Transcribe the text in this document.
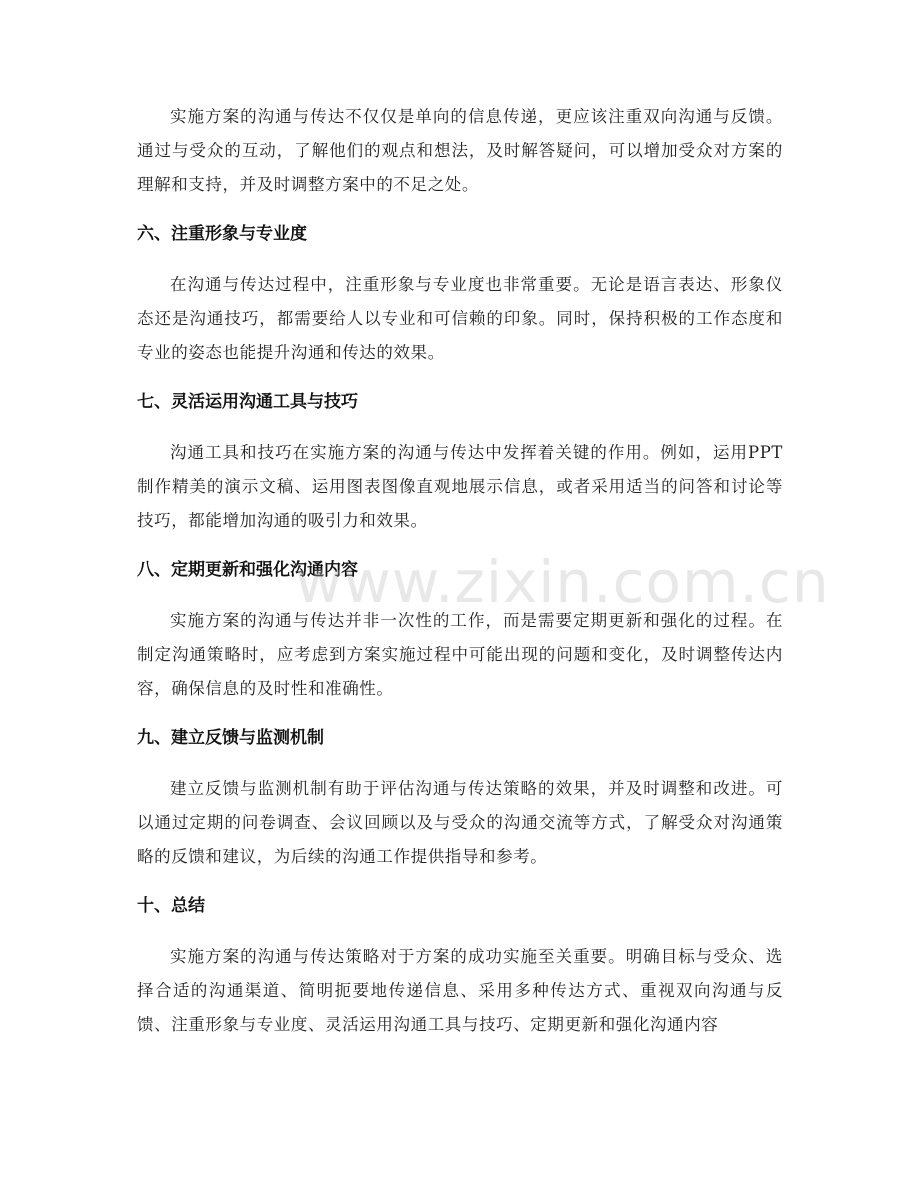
实施方案的沟通与传达不仅仅是单向的信息传递，更应该注重双向沟通与反馈。通过与受众的互动，了解他们的观点和想法，及时解答疑问，可以增加受众对方案的理解和支持，并及时调整方案中的不足之处。

六、注重形象与专业度

在沟通与传达过程中，注重形象与专业度也非常重要。无论是语言表达、形象仪态还是沟通技巧，都需要给人以专业和可信赖的印象。同时，保持积极的工作态度和专业的姿态也能提升沟通和传达的效果。

七、灵活运用沟通工具与技巧

沟通工具和技巧在实施方案的沟通与传达中发挥着关键的作用。例如，运用PPT制作精美的演示文稿、运用图表图像直观地展示信息，或者采用适当的问答和讨论等技巧，都能增加沟通的吸引力和效果。

八、定期更新和强化沟通内容

实施方案的沟通与传达并非一次性的工作，而是需要定期更新和强化的过程。在制定沟通策略时，应考虑到方案实施过程中可能出现的问题和变化，及时调整传达内容，确保信息的及时性和准确性。

九、建立反馈与监测机制

建立反馈与监测机制有助于评估沟通与传达策略的效果，并及时调整和改进。可以通过定期的问卷调查、会议回顾以及与受众的沟通交流等方式，了解受众对沟通策略的反馈和建议，为后续的沟通工作提供指导和参考。

十、总结

实施方案的沟通与传达策略对于方案的成功实施至关重要。明确目标与受众、选择合适的沟通渠道、简明扼要地传递信息、采用多种传达方式、重视双向沟通与反馈、注重形象与专业度、灵活运用沟通工具与技巧、定期更新和强化沟通内容

www.zixin.com.cn
